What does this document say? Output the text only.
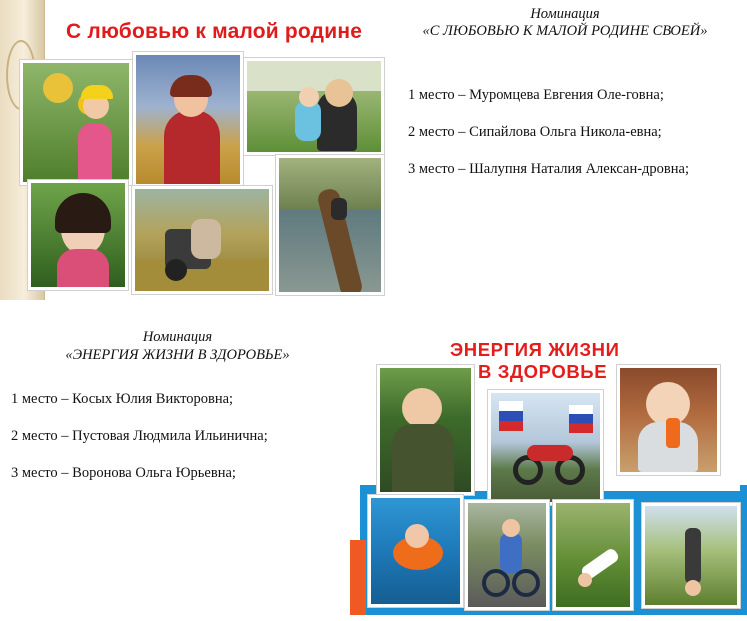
С любовью к малой родине
Номинация
«С ЛЮБОВЬЮ К МАЛОЙ РОДИНЕ СВОЕЙ»
1 место – Муромцева Евгения Оле-говна;
2 место – Сипайлова Ольга Никола-евна;
3 место – Шалупня Наталия Алексан-дровна;
Номинация
«ЭНЕРГИЯ ЖИЗНИ В ЗДОРОВЬЕ»
1 место – Косых Юлия Викторовна;
2 место – Пустовая Людмила Ильинична;
3 место – Воронова Ольга Юрьевна;
ЭНЕРГИЯ ЖИЗНИ
В ЗДОРОВЬЕ
